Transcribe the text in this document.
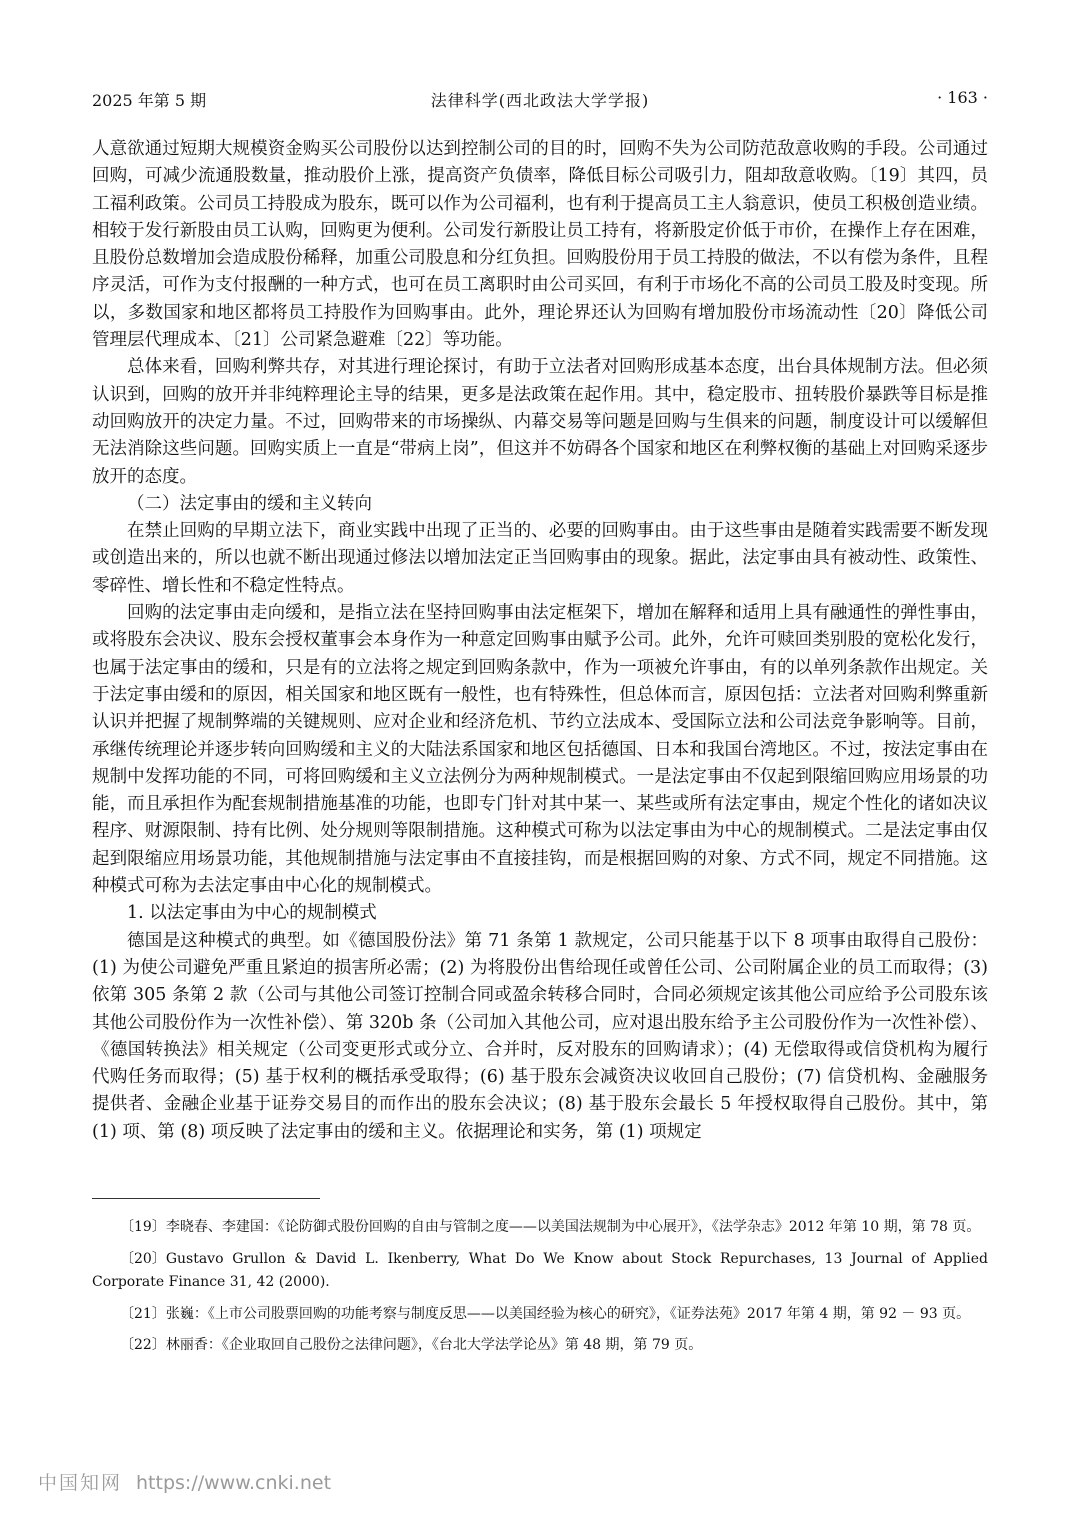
2025 年第 5 期	法律科学(西北政法大学学报)	· 163 ·

人意欲通过短期大规模资金购买公司股份以达到控制公司的目的时，回购不失为公司防范敌意收购的手段。公司通过回购，可减少流通股数量，推动股价上涨，提高资产负债率，降低目标公司吸引力，阻却敌意收购。〔19〕其四，员工福利政策。公司员工持股成为股东，既可以作为公司福利，也有利于提高员工主人翁意识，使员工积极创造业绩。相较于发行新股由员工认购，回购更为便利。公司发行新股让员工持有，将新股定价低于市价，在操作上存在困难，且股份总数增加会造成股份稀释，加重公司股息和分红负担。回购股份用于员工持股的做法，不以有偿为条件，且程序灵活，可作为支付报酬的一种方式，也可在员工离职时由公司买回，有利于市场化不高的公司员工股及时变现。所以，多数国家和地区都将员工持股作为回购事由。此外，理论界还认为回购有增加股份市场流动性〔20〕降低公司管理层代理成本、〔21〕公司紧急避难〔22〕等功能。

总体来看，回购利弊共存，对其进行理论探讨，有助于立法者对回购形成基本态度，出台具体规制方法。但必须认识到，回购的放开并非纯粹理论主导的结果，更多是法政策在起作用。其中，稳定股市、扭转股价暴跌等目标是推动回购放开的决定力量。不过，回购带来的市场操纵、内幕交易等问题是回购与生俱来的问题，制度设计可以缓解但无法消除这些问题。回购实质上一直是“带病上岗”，但这并不妨碍各个国家和地区在利弊权衡的基础上对回购采逐步放开的态度。

（二）法定事由的缓和主义转向

在禁止回购的早期立法下，商业实践中出现了正当的、必要的回购事由。由于这些事由是随着实践需要不断发现或创造出来的，所以也就不断出现通过修法以增加法定正当回购事由的现象。据此，法定事由具有被动性、政策性、零碎性、增长性和不稳定性特点。

回购的法定事由走向缓和，是指立法在坚持回购事由法定框架下，增加在解释和适用上具有融通性的弹性事由，或将股东会决议、股东会授权董事会本身作为一种意定回购事由赋予公司。此外，允许可赎回类别股的宽松化发行，也属于法定事由的缓和，只是有的立法将之规定到回购条款中，作为一项被允许事由，有的以单列条款作出规定。关于法定事由缓和的原因，相关国家和地区既有一般性，也有特殊性，但总体而言，原因包括：立法者对回购利弊重新认识并把握了规制弊端的关键规则、应对企业和经济危机、节约立法成本、受国际立法和公司法竞争影响等。目前，承继传统理论并逐步转向回购缓和主义的大陆法系国家和地区包括德国、日本和我国台湾地区。不过，按法定事由在规制中发挥功能的不同，可将回购缓和主义立法例分为两种规制模式。一是法定事由不仅起到限缩回购应用场景的功能，而且承担作为配套规制措施基准的功能，也即专门针对其中某一、某些或所有法定事由，规定个性化的诸如决议程序、财源限制、持有比例、处分规则等限制措施。这种模式可称为以法定事由为中心的规制模式。二是法定事由仅起到限缩应用场景功能，其他规制措施与法定事由不直接挂钩，而是根据回购的对象、方式不同，规定不同措施。这种模式可称为去法定事由中心化的规制模式。

1. 以法定事由为中心的规制模式

德国是这种模式的典型。如《德国股份法》第 71 条第 1 款规定，公司只能基于以下 8 项事由取得自己股份：(1) 为使公司避免严重且紧迫的损害所必需；(2) 为将股份出售给现任或曾任公司、公司附属企业的员工而取得；(3) 依第 305 条第 2 款（公司与其他公司签订控制合同或盈余转移合同时，合同必须规定该其他公司应给予公司股东该其他公司股份作为一次性补偿）、第 320b 条（公司加入其他公司，应对退出股东给予主公司股份作为一次性补偿）、《德国转换法》相关规定（公司变更形式或分立、合并时，反对股东的回购请求）；(4) 无偿取得或信贷机构为履行代购任务而取得；(5) 基于权利的概括承受取得；(6) 基于股东会减资决议收回自己股份；(7) 信贷机构、金融服务提供者、金融企业基于证券交易目的而作出的股东会决议；(8) 基于股东会最长 5 年授权取得自己股份。其中，第 (1) 项、第 (8) 项反映了法定事由的缓和主义。依据理论和实务，第 (1) 项规定

〔19〕李晓春、李建国：《论防御式股份回购的自由与管制之度——以美国法规制为中心展开》，《法学杂志》2012 年第 10 期，第 78 页。

〔20〕Gustavo Grullon & David L. Ikenberry, What Do We Know about Stock Repurchases, 13 Journal of Applied Corporate Finance 31, 42 (2000).

〔21〕张巍：《上市公司股票回购的功能考察与制度反思——以美国经验为核心的研究》，《证券法苑》2017 年第 4 期，第 92 － 93 页。

〔22〕林丽香：《企业取回自己股份之法律问题》，《台北大学法学论丛》第 48 期，第 79 页。

中国知网 https://www.cnki.net
